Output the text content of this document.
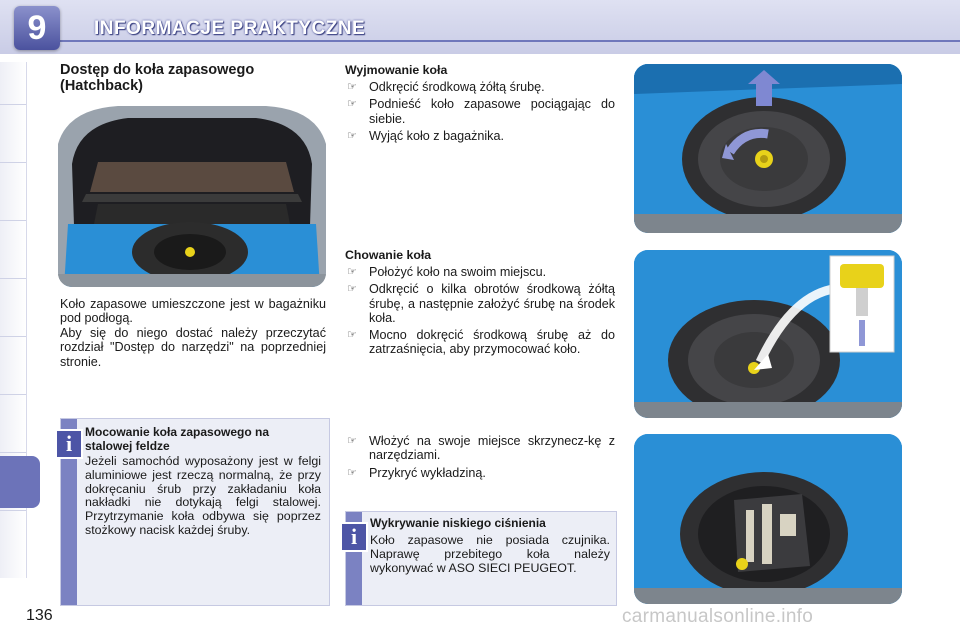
9	INFORMACJE PRAKTYCZNE
Dostęp do koła zapasowego
(Hatchback)
Koło zapasowe umieszczone jest w bagażniku pod podłogą.
Aby się do niego dostać należy przeczytać rozdział "Dostęp do narzędzi" na poprzedniej stronie.
i	Mocowanie koła zapasowego na stalowej feldze
Jeżeli samochód wyposażony jest w felgi aluminiowe jest rzeczą normalną, że przy dokręcaniu śrub przy zakładaniu koła nakładki nie dotykają felgi stalowej. Przytrzymanie koła odbywa się poprzez stożkowy nacisk każdej śruby.
Wyjmowanie koła
☞ Odkręcić środkową żółtą śrubę.
☞ Podnieść koło zapasowe pociągając do siebie.
☞ Wyjąć koło z bagażnika.
Chowanie koła
☞ Położyć koło na swoim miejscu.
☞ Odkręcić o kilka obrotów środkową żółtą śrubę, a następnie założyć śrubę na środek koła.
☞ Mocno dokręcić środkową śrubę aż do zatrzaśnięcia, aby przymocować koło.
☞ Włożyć na swoje miejsce skrzynecz-kę z narzędziami.
☞ Przykryć wykładziną.
i
Wykrywanie niskiego ciśnienia
Koło zapasowe nie posiada czujnika. Naprawę przebitego koła należy wykonywać w ASO SIECI PEUGEOT.
136	carmanualsonline.info
